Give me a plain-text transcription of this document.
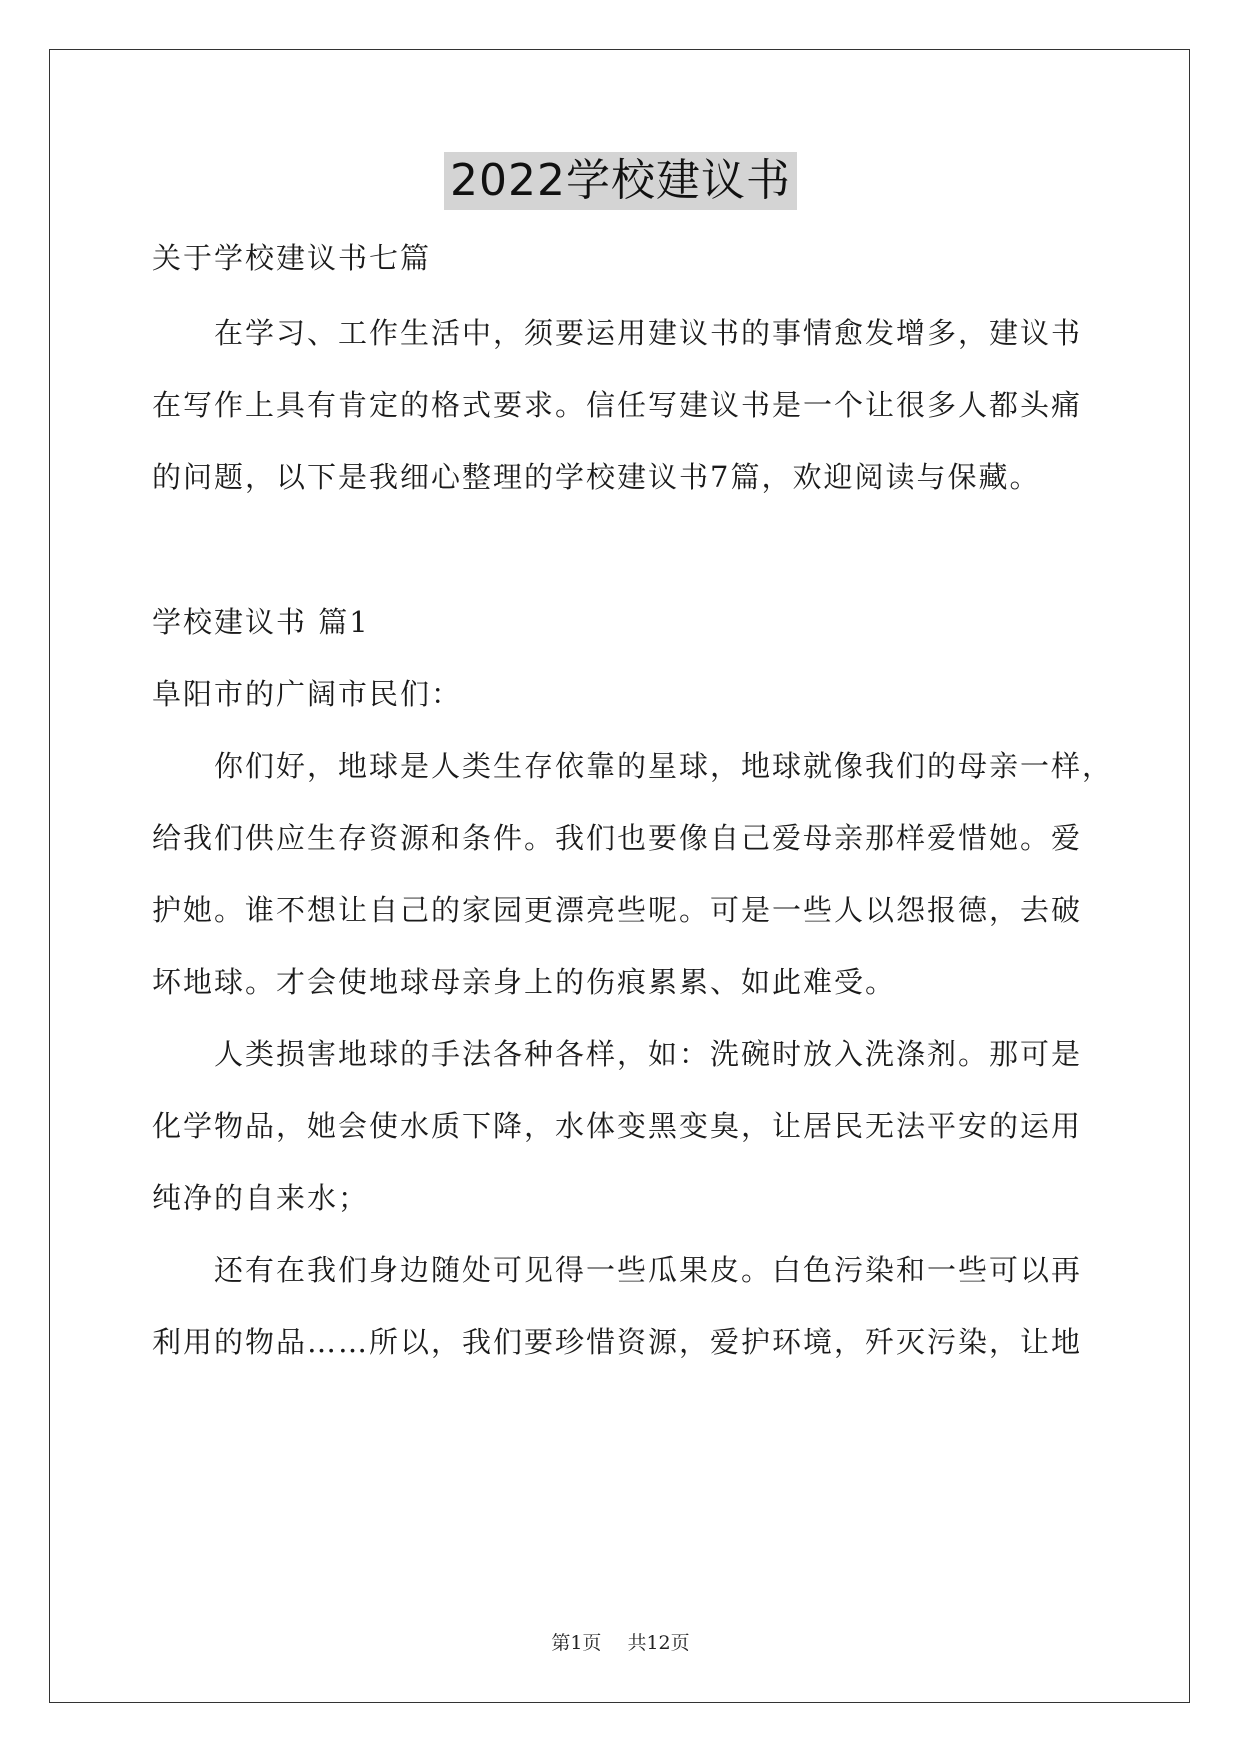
2022学校建议书
关于学校建议书七篇
在学习、工作生活中，须要运用建议书的事情愈发增多，建议书
在写作上具有肯定的格式要求。信任写建议书是一个让很多人都头痛
的问题，以下是我细心整理的学校建议书7篇，欢迎阅读与保藏。
学校建议书 篇1
阜阳市的广阔市民们：
你们好，地球是人类生存依靠的星球，地球就像我们的母亲一样，
给我们供应生存资源和条件。我们也要像自己爱母亲那样爱惜她。爱
护她。谁不想让自己的家园更漂亮些呢。可是一些人以怨报德，去破
坏地球。才会使地球母亲身上的伤痕累累、如此难受。
人类损害地球的手法各种各样，如：洗碗时放入洗涤剂。那可是
化学物品，她会使水质下降，水体变黑变臭，让居民无法平安的运用
纯净的自来水；
还有在我们身边随处可见得一些瓜果皮。白色污染和一些可以再
利用的物品……所以，我们要珍惜资源，爱护环境，歼灭污染，让地
第1页 共12页
